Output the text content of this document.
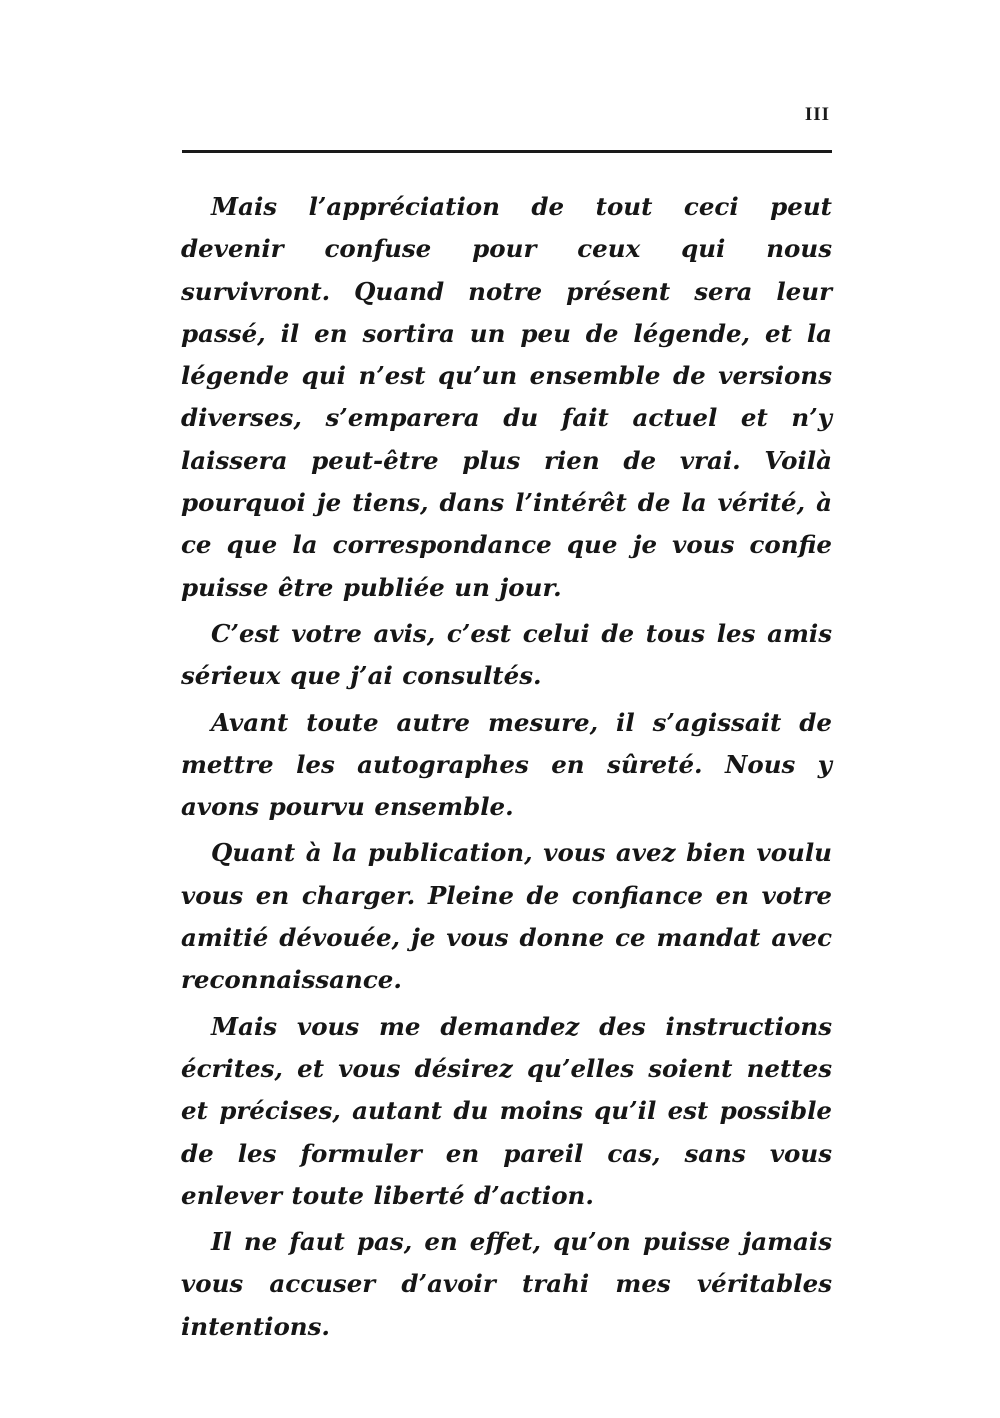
III

Mais l’appréciation de tout ceci peut devenir confuse pour ceux qui nous survivront. Quand notre présent sera leur passé, il en sortira un peu de légende, et la légende qui n’est qu’un ensemble de versions diverses, s’emparera du fait actuel et n’y laissera peut-être plus rien de vrai. Voilà pourquoi je tiens, dans l’intérêt de la vérité, à ce que la correspondance que je vous confie puisse être publiée un jour.

C’est votre avis, c’est celui de tous les amis sérieux que j’ai consultés.

Avant toute autre mesure, il s’agissait de mettre les autographes en sûreté. Nous y avons pourvu ensemble.

Quant à la publication, vous avez bien voulu vous en charger. Pleine de confiance en votre amitié dévouée, je vous donne ce mandat avec reconnaissance.

Mais vous me demandez des instructions écrites, et vous désirez qu’elles soient nettes et précises, autant du moins qu’il est possible de les formuler en pareil cas, sans vous enlever toute liberté d’action.

Il ne faut pas, en effet, qu’on puisse jamais vous accuser d’avoir trahi mes véritables intentions.
